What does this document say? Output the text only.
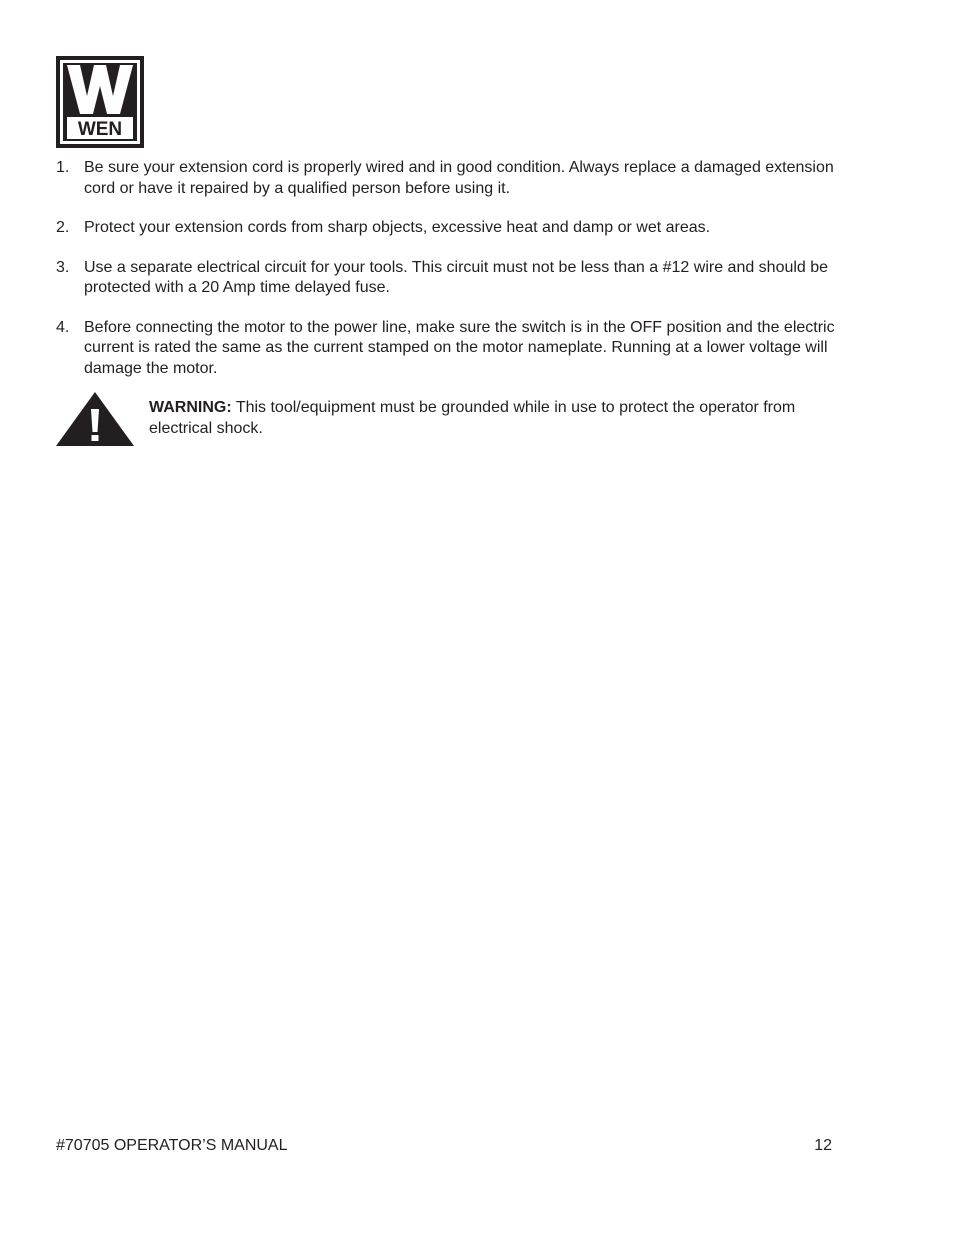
WEN
®
1. Be sure your extension cord is properly wired and in good condition. Always replace a damaged extension cord or have it repaired by a qualified person before using it.
2. Protect your extension cords from sharp objects, excessive heat and damp or wet areas.
3. Use a separate electrical circuit for your tools. This circuit must not be less than a #12 wire and should be protected with a 20 Amp time delayed fuse.
4. Before connecting the motor to the power line, make sure the switch is in the OFF position and the electric current is rated the same as the current stamped on the motor nameplate. Running at a lower voltage will damage the motor.
WARNING: This tool/equipment must be grounded while in use to protect the operator from electrical shock.
#70705 OPERATOR’S MANUAL	12
